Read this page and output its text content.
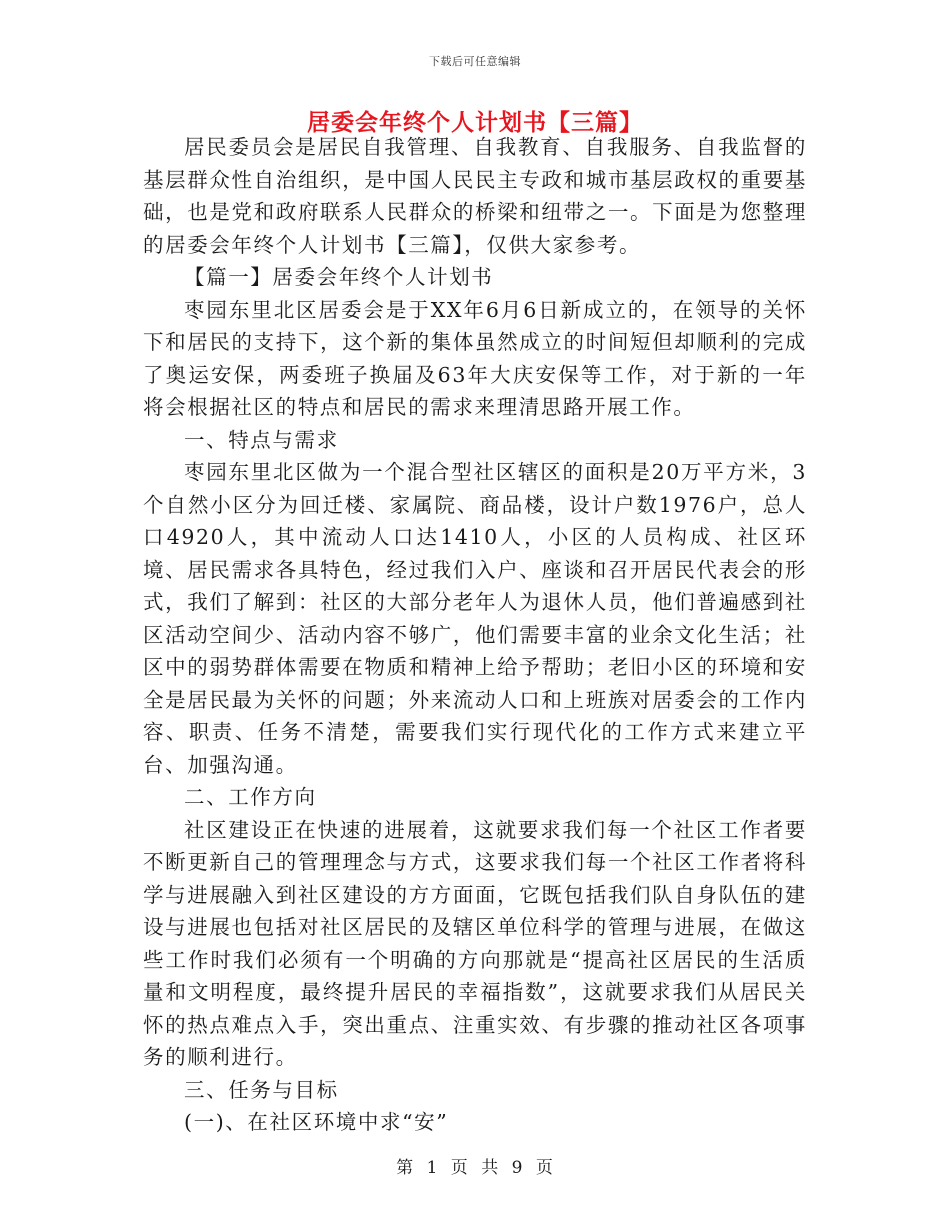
下载后可任意编辑
居委会年终个人计划书【三篇】

居民委员会是居民自我管理、自我教育、自我服务、自我监督的基层群众性自治组织，是中国人民民主专政和城市基层政权的重要基础，也是党和政府联系人民群众的桥梁和纽带之一。下面是为您整理的居委会年终个人计划书【三篇】，仅供大家参考。

【篇一】居委会年终个人计划书

枣园东里北区居委会是于XX年6月6日新成立的，在领导的关怀下和居民的支持下，这个新的集体虽然成立的时间短但却顺利的完成了奥运安保，两委班子换届及63年大庆安保等工作，对于新的一年将会根据社区的特点和居民的需求来理清思路开展工作。

一、特点与需求

枣园东里北区做为一个混合型社区辖区的面积是20万平方米，3个自然小区分为回迁楼、家属院、商品楼，设计户数1976户，总人口4920人，其中流动人口达1410人，小区的人员构成、社区环境、居民需求各具特色，经过我们入户、座谈和召开居民代表会的形式，我们了解到：社区的大部分老年人为退休人员，他们普遍感到社区活动空间少、活动内容不够广，他们需要丰富的业余文化生活；社区中的弱势群体需要在物质和精神上给予帮助；老旧小区的环境和安全是居民最为关怀的问题；外来流动人口和上班族对居委会的工作内容、职责、任务不清楚，需要我们实行现代化的工作方式来建立平台、加强沟通。

二、工作方向

社区建设正在快速的进展着，这就要求我们每一个社区工作者要不断更新自己的管理理念与方式，这要求我们每一个社区工作者将科学与进展融入到社区建设的方方面面，它既包括我们队自身队伍的建设与进展也包括对社区居民的及辖区单位科学的管理与进展，在做这些工作时我们必须有一个明确的方向那就是“提高社区居民的生活质量和文明程度，最终提升居民的幸福指数”，这就要求我们从居民关怀的热点难点入手，突出重点、注重实效、有步骤的推动社区各项事务的顺利进行。

三、任务与目标

(一)、在社区环境中求“安”

第 1 页 共 9 页
